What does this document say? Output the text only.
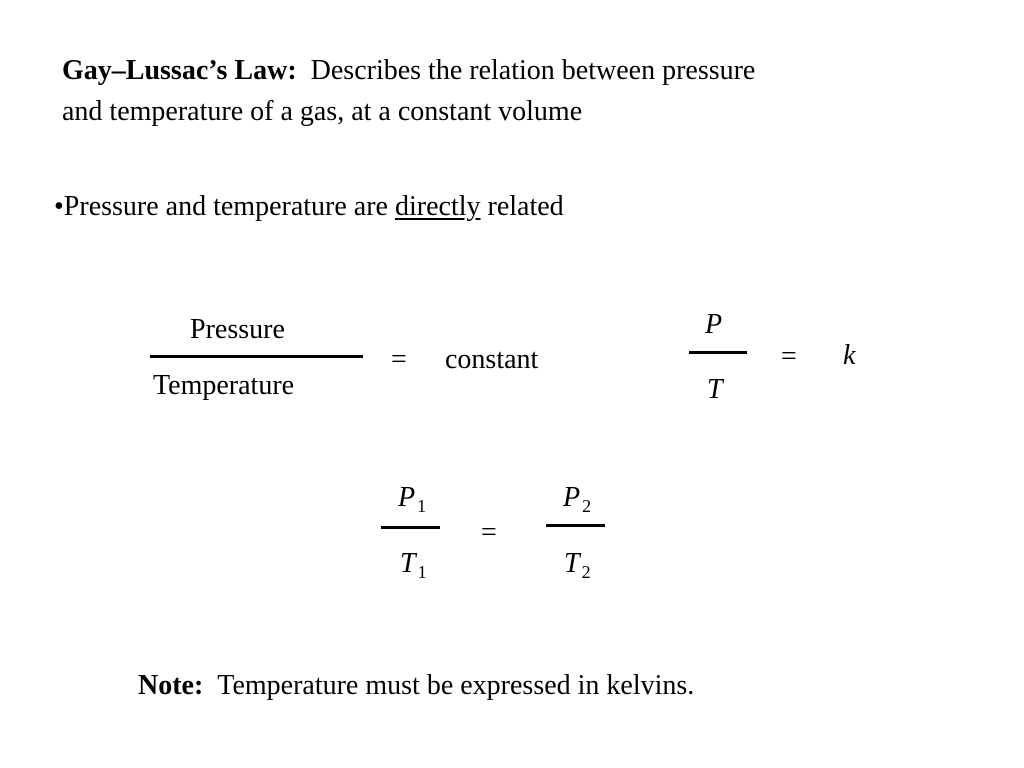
Gay–Lussac’s Law: Describes the relation between pressure
and temperature of a gas, at a constant volume
•Pressure and temperature are directly related
Pressure
Temperature
= constant
P
T
= k
P $_1$
T $_1$
=
P $_2$
T $_2$
Note: Temperature must be expressed in kelvins.
